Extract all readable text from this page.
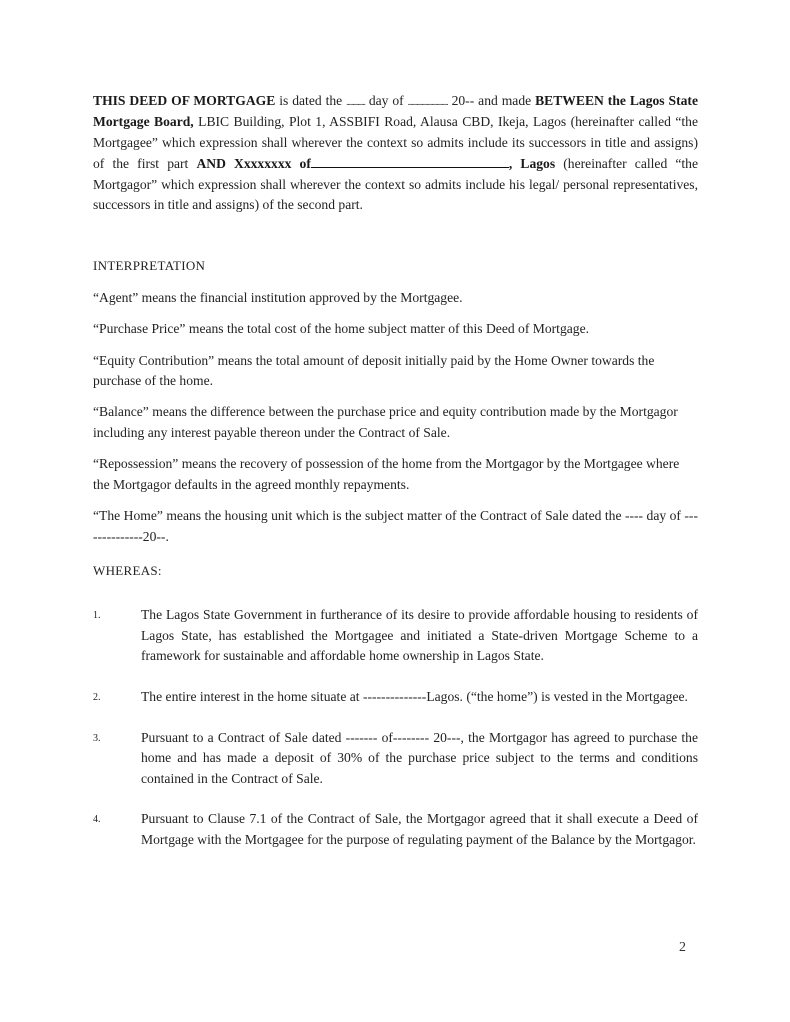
THIS DEED OF MORTGAGE is dated the ............... day of ................................ 20-- and made BETWEEN the Lagos State Mortgage Board, LBIC Building, Plot 1, ASSBIFI Road, Alausa CBD, Ikeja, Lagos (hereinafter called “the Mortgagee” which expression shall wherever the context so admits include its successors in title and assigns) of the first part AND Xxxxxxxx of	, Lagos (hereinafter called “the Mortgagor” which expression shall wherever the context so admits include his legal/ personal representatives, successors in title and assigns) of the second part.

INTERPRETATION

“Agent” means the financial institution approved by the Mortgagee.

“Purchase Price” means the total cost of the home subject matter of this Deed of Mortgage.

“Equity Contribution” means the total amount of deposit initially paid by the Home Owner towards the purchase of the home.

“Balance” means the difference between the purchase price and equity contribution made by the Mortgagor including any interest payable thereon under the Contract of Sale.

“Repossession” means the recovery of possession of the home from the Mortgagor by the Mortgagee where the Mortgagor defaults in the agreed monthly repayments.

“The Home” means the housing unit which is the subject matter of the Contract of Sale dated the ---- day of --------------20--.

WHEREAS:

1.	The Lagos State Government in furtherance of its desire to provide affordable housing to residents of Lagos State, has established the Mortgagee and initiated a State-driven Mortgage Scheme to a framework for sustainable and affordable home ownership in Lagos State.
2.	The entire interest in the home situate at --------------Lagos. (“the home”) is vested in the Mortgagee.
3.	Pursuant to a Contract of Sale dated ------- of-------- 20---, the Mortgagor has agreed to purchase the home and has made a deposit of 30% of the purchase price subject to the terms and conditions contained in the Contract of Sale.
4.	Pursuant to Clause 7.1 of the Contract of Sale, the Mortgagor agreed that it shall execute a Deed of Mortgage with the Mortgagee for the purpose of regulating payment of the Balance by the Mortgagor.
2
